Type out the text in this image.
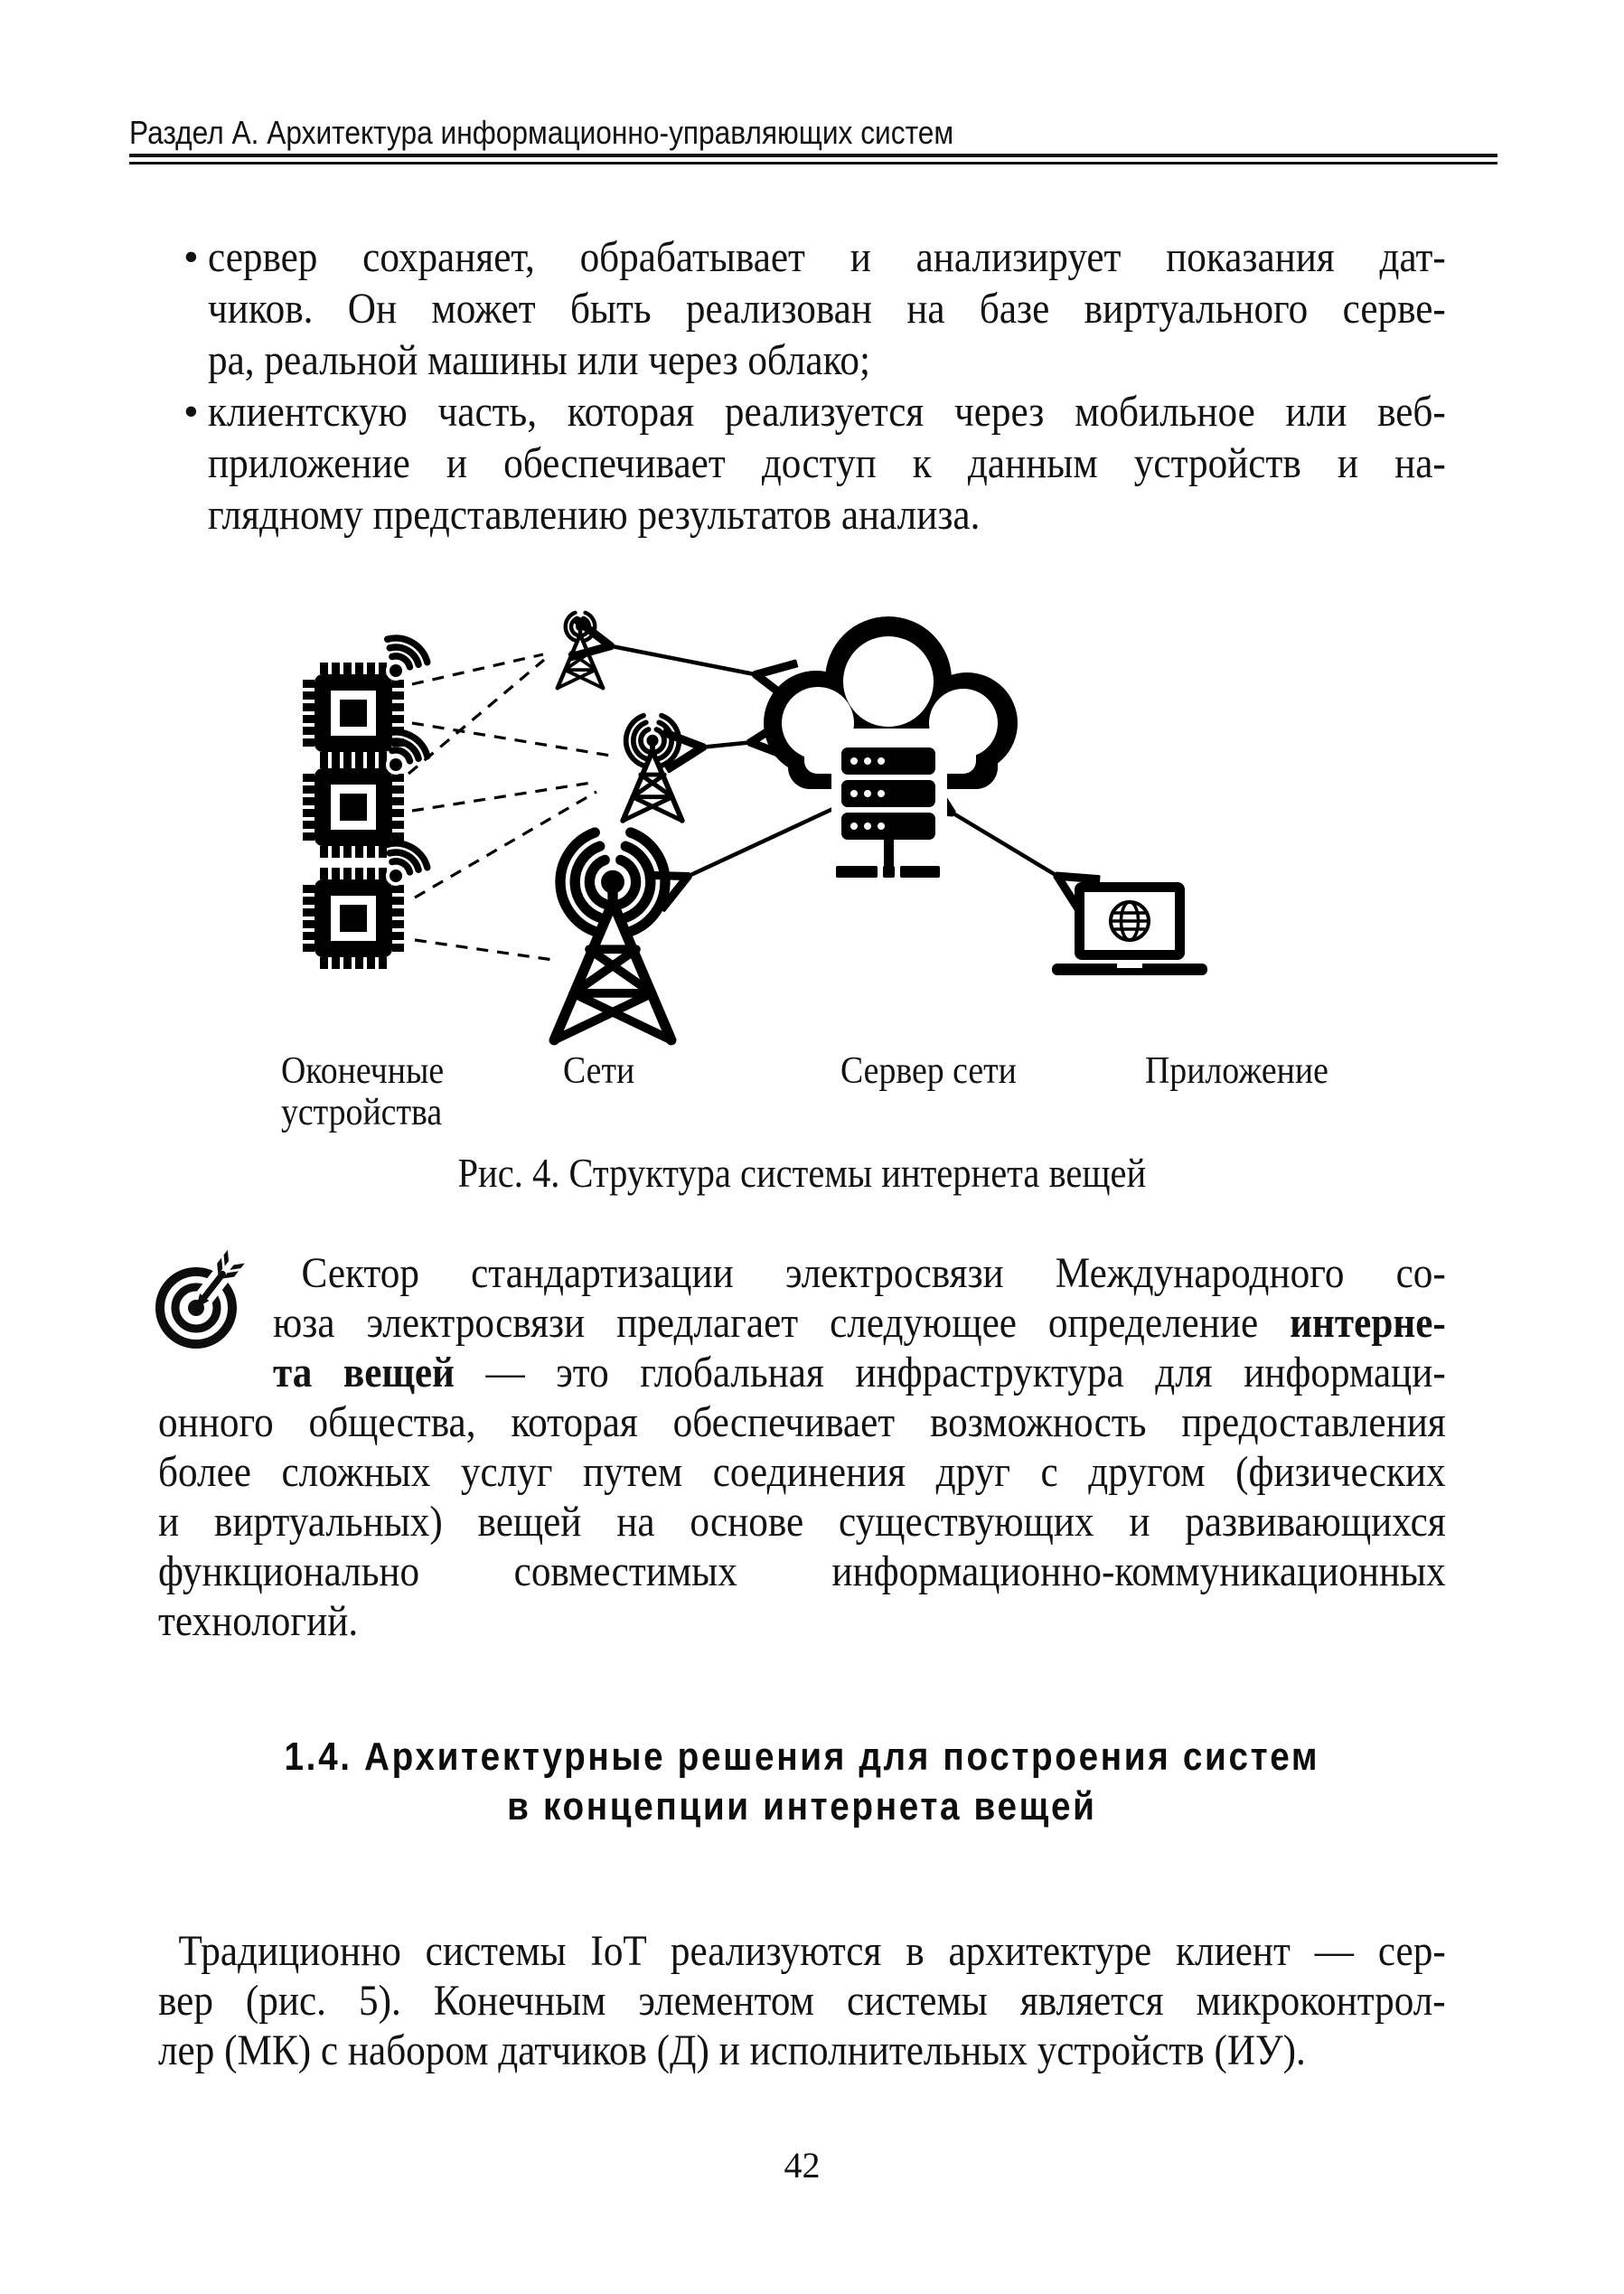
Раздел А. Архитектура информационно-управляющих систем
• сервер сохраняет, обрабатывает и анализирует показания дат-
чиков. Он может быть реализован на базе виртуального серве-
ра, реальной машины или через облако;
• клиентскую часть, которая реализуется через мобильное или веб-
приложение и обеспечивает доступ к данным устройств и на-
глядному представлению результатов анализа.
Оконечные
устройства
Сети	Сервер сети	Приложение
Рис. 4. Структура системы интернета вещей
Сектор стандартизации электросвязи Международного со-
юза электросвязи предлагает следующее определение интерне-
та вещей — это глобальная инфраструктура для информаци-
онного общества, которая обеспечивает возможность предоставления
более сложных услуг путем соединения друг с другом (физических
и виртуальных) вещей на основе существующих и развивающихся
функционально совместимых информационно-коммуникационных
технологий.
1.4. Архитектурные решения для построения систем
в концепции интернета вещей
Традиционно системы IoT реализуются в архитектуре клиент — сер-
вер (рис. 5). Конечным элементом системы является микроконтрол-
лер (МК) с набором датчиков (Д) и исполнительных устройств (ИУ).
42
